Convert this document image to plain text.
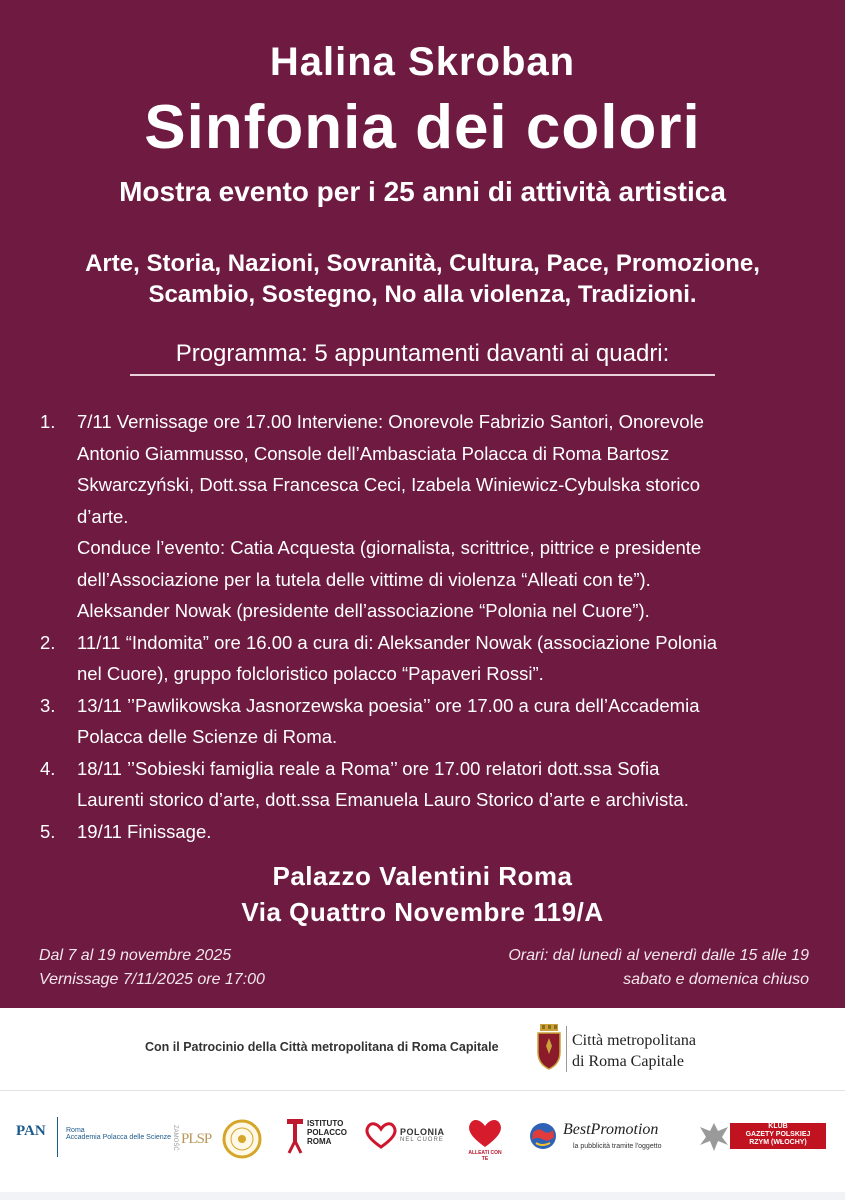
Halina Skroban
Sinfonia dei colori
Mostra evento per i 25 anni di attività artistica
Arte, Storia, Nazioni, Sovranità, Cultura, Pace, Promozione,
Scambio, Sostegno, No alla violenza, Tradizioni.
Programma: 5 appuntamenti davanti ai quadri:
1. 7/11 Vernissage ore 17.00 Interviene: Onorevole Fabrizio Santori, Onorevole
Antonio Giammusso, Console dell’Ambasciata Polacca di Roma Bartosz
Skwarczyński, Dott.ssa Francesca Ceci, Izabela Winiewicz-Cybulska storico
d’arte.
Conduce l’evento: Catia Acquesta (giornalista, scrittrice, pittrice e presidente
dell’Associazione per la tutela delle vittime di violenza “Alleati con te”).
Aleksander Nowak (presidente dell’associazione “Polonia nel Cuore”).
2. 11/11 “Indomita” ore 16.00 a cura di: Aleksander Nowak (associazione Polonia
nel Cuore), gruppo folcloristico polacco “Papaveri Rossi”.
3. 13/11 ’’Pawlikowska Jasnorzewska poesia’’ ore 17.00 a cura dell’Accademia
Polacca delle Scienze di Roma.
4. 18/11 ’’Sobieski famiglia reale a Roma’’ ore 17.00 relatori dott.ssa Sofia
Laurenti storico d’arte, dott.ssa Emanuela Lauro Storico d’arte e archivista.
5. 19/11 Finissage.
Palazzo Valentini Roma
Via Quattro Novembre 119/A
Dal 7 al 19 novembre 2025
Vernissage 7/11/2025 ore 17:00
Orari: dal lunedì al venerdì dalle 15 alle 19
sabato e domenica chiuso
Con il Patrocinio della Città metropolitana di Roma Capitale	Città metropolitana
di Roma Capitale
PAN	Roma
Accademia Polacca delle Scienze ZAMOŚĆ PLSP
ISTITUTO
POLACCO
ROMA
POLONIA
NEL CUORE
ALLEATI CON TE
BestPromotion
la pubblicità tramite l'oggetto
KLUB
GAZETY POLSKIEJ
RZYM (WŁOCHY)
